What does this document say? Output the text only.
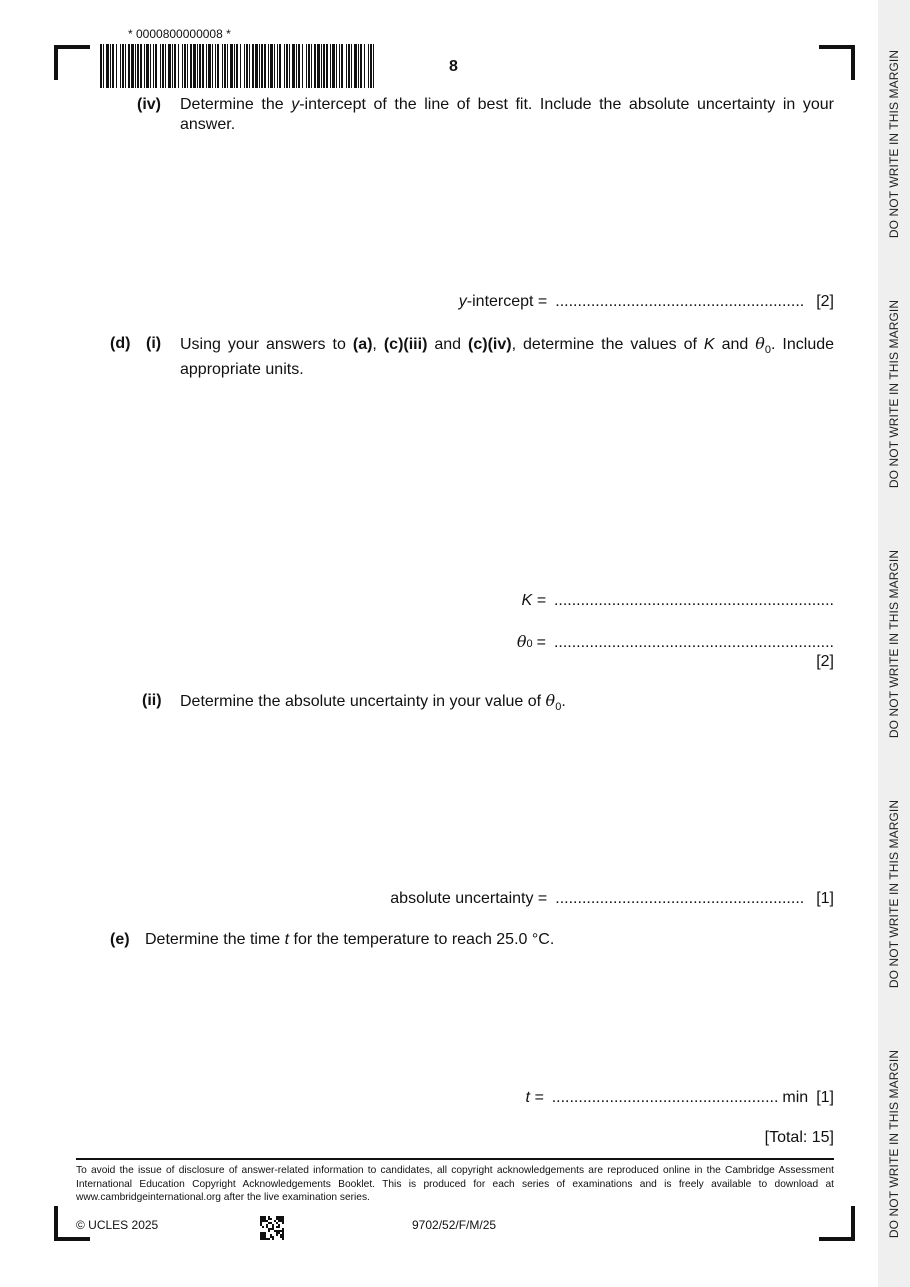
DO NOT WRITE IN THIS MARGIN
DO NOT WRITE IN THIS MARGIN
DO NOT WRITE IN THIS MARGIN
DO NOT WRITE IN THIS MARGIN
DO NOT WRITE IN THIS MARGIN
* 0000800000008 *
8
(iv) Determine the y-intercept of the line of best fit. Include the absolute uncertainty in your answer.
y -intercept = ........................................................ [2]
(d) (i) Using your answers to (a), (c)(iii) and (c)(iv), determine the values of K and $\theta_0$. Include appropriate units.
K = ...............................................................
θ 0 = ...............................................................
[2]
(ii) Determine the absolute uncertainty in your value of $\theta_0$.
absolute uncertainty = ........................................................ [1]
(e) Determine the time t for the temperature to reach 25.0 °C.
t = ................................................... min [1]
[Total: 15]
To avoid the issue of disclosure of answer-related information to candidates, all copyright acknowledgements are reproduced online in the Cambridge Assessment International Education Copyright Acknowledgements Booklet. This is produced for each series of examinations and is freely available to download at www.cambridgeinternational.org after the live examination series.
© UCLES 2025	9702/52/F/M/25
